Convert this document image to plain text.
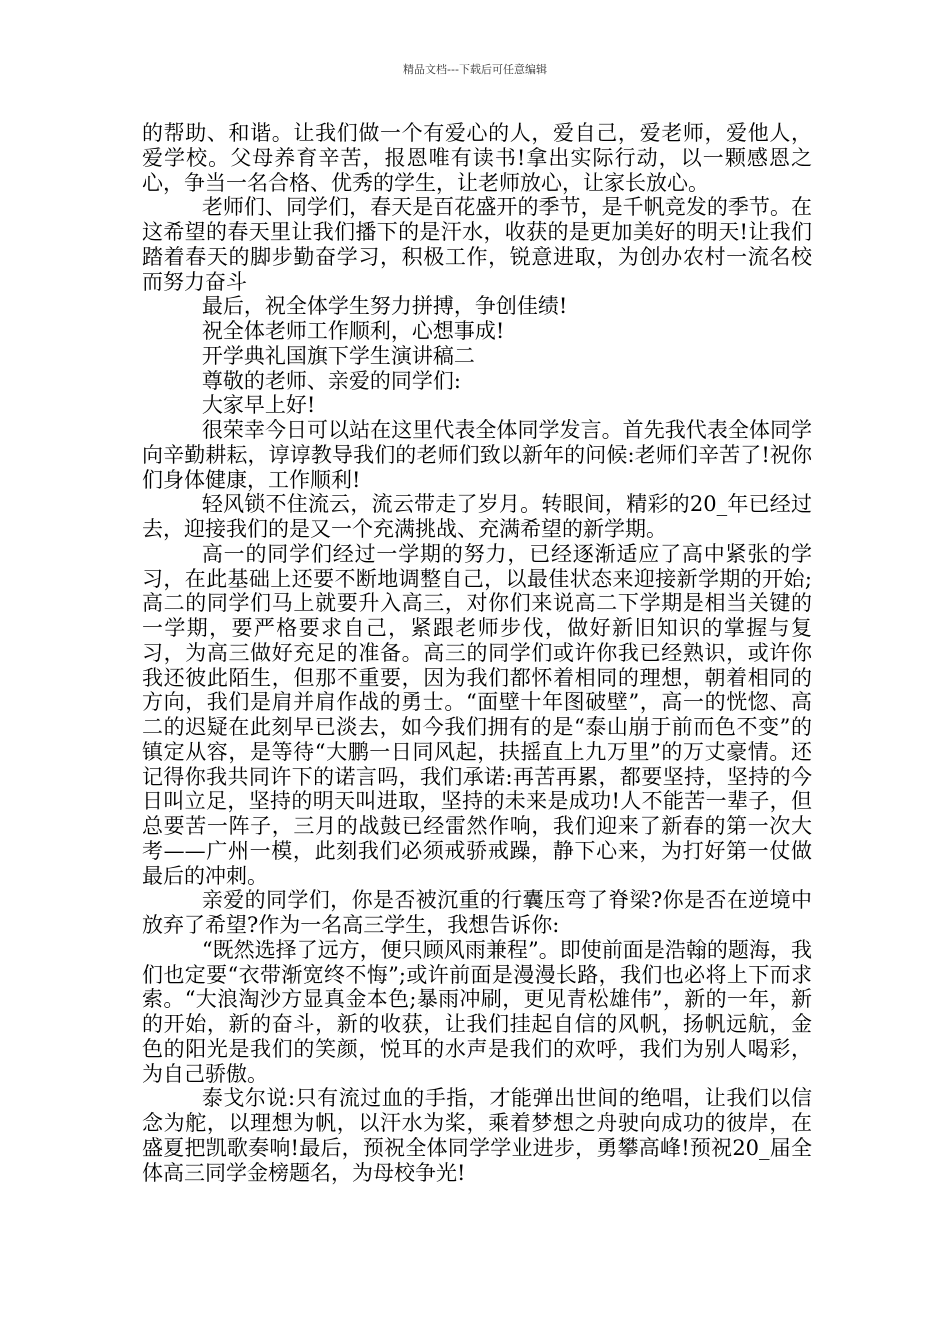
精品文档---下载后可任意编辑

的帮助、和谐。让我们做一个有爱心的人，爱自己，爱老师，爱他人，爱学校。父母养育辛苦，报恩唯有读书!拿出实际行动，以一颗感恩之心，争当一名合格、优秀的学生，让老师放心，让家长放心。

老师们、同学们，春天是百花盛开的季节，是千帆竞发的季节。在这希望的春天里让我们播下的是汗水，收获的是更加美好的明天!让我们踏着春天的脚步勤奋学习，积极工作，锐意进取，为创办农村一流名校而努力奋斗

最后，祝全体学生努力拼搏，争创佳绩!

祝全体老师工作顺利，心想事成!

开学典礼国旗下学生演讲稿二

尊敬的老师、亲爱的同学们:

大家早上好!

很荣幸今日可以站在这里代表全体同学发言。首先我代表全体同学向辛勤耕耘，谆谆教导我们的老师们致以新年的问候:老师们辛苦了!祝你们身体健康，工作顺利!

轻风锁不住流云，流云带走了岁月。转眼间，精彩的20_年已经过去，迎接我们的是又一个充满挑战、充满希望的新学期。

高一的同学们经过一学期的努力，已经逐渐适应了高中紧张的学习，在此基础上还要不断地调整自己，以最佳状态来迎接新学期的开始;高二的同学们马上就要升入高三，对你们来说高二下学期是相当关键的一学期，要严格要求自己，紧跟老师步伐，做好新旧知识的掌握与复习，为高三做好充足的准备。高三的同学们或许你我已经熟识，或许你我还彼此陌生，但那不重要，因为我们都怀着相同的理想，朝着相同的方向，我们是肩并肩作战的勇士。“面壁十年图破壁”，高一的恍惚、高二的迟疑在此刻早已淡去，如今我们拥有的是“泰山崩于前而色不变”的镇定从容，是等待“大鹏一日同风起，扶摇直上九万里”的万丈豪情。还记得你我共同许下的诺言吗，我们承诺:再苦再累，都要坚持，坚持的今日叫立足，坚持的明天叫进取，坚持的未来是成功!人不能苦一辈子，但总要苦一阵子，三月的战鼓已经雷然作响，我们迎来了新春的第一次大考——广州一模，此刻我们必须戒骄戒躁，静下心来，为打好第一仗做最后的冲刺。

亲爱的同学们，你是否被沉重的行囊压弯了脊梁?你是否在逆境中放弃了希望?作为一名高三学生，我想告诉你:

“既然选择了远方，便只顾风雨兼程”。即使前面是浩翰的题海，我们也定要“衣带渐宽终不悔”;或许前面是漫漫长路，我们也必将上下而求索。“大浪淘沙方显真金本色;暴雨冲刷，更见青松雄伟”，新的一年，新的开始，新的奋斗，新的收获，让我们挂起自信的风帆，扬帆远航，金色的阳光是我们的笑颜，悦耳的水声是我们的欢呼，我们为别人喝彩，为自己骄傲。

泰戈尔说:只有流过血的手指，才能弹出世间的绝唱，让我们以信念为舵，以理想为帆，以汗水为桨，乘着梦想之舟驶向成功的彼岸，在盛夏把凯歌奏响!最后，预祝全体同学学业进步，勇攀高峰!预祝20_届全体高三同学金榜题名，为母校争光!
